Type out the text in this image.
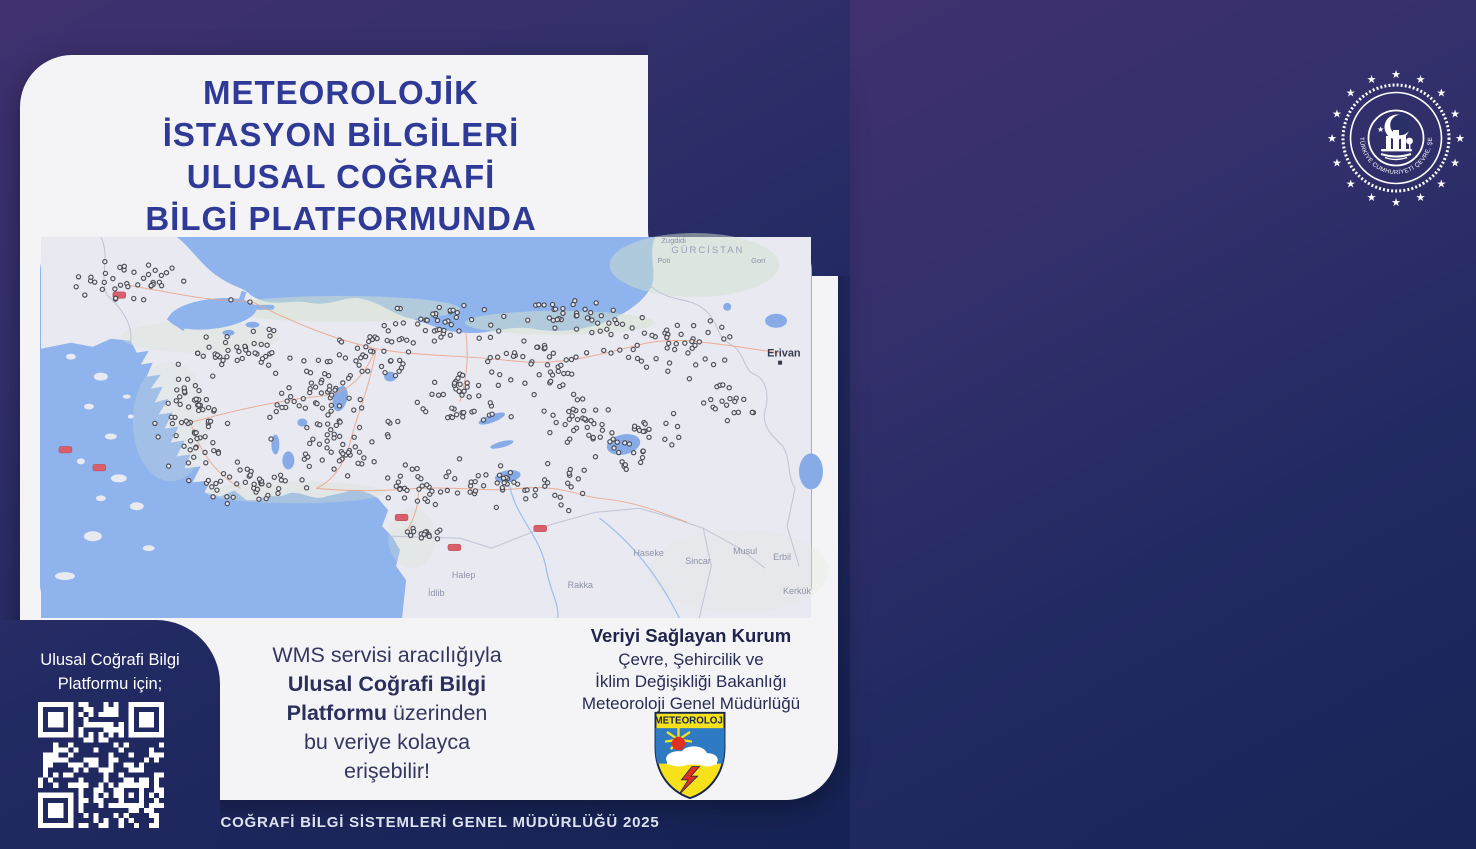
★ ★
★
★
★
★
★
★
★
★
★
★
★
★
★
★
TÜRKİYE CUMHURİYETİ ÇEVRE, ŞE
★
METEOROLOJİK
İSTASYON BİLGİLERİ
ULUSAL COĞRAFİ
BİLGİ PLATFORMUNDA
GÜRCİSTAN
Zugdidi
Poti	Gori
Erivan
Halep
İdlib
Rakka
Haseke
Sincar
Musul
Erbil
Kerkük
Ulusal Coğrafi Bilgi
Platformu için;
WMS servisi aracılığıyla
Ulusal Coğrafi Bilgi
Platformu üzerinden
bu veriye kolayca
erişebilir!
Veriyi Sağlayan Kurum
Çevre, Şehircilik ve
İklim Değişikliği Bakanlığı
Meteoroloji Genel Müdürlüğü
METEOROLOJİ
COĞRAFİ BİLGİ SİSTEMLERİ GENEL MÜDÜRLÜĞÜ 2025
